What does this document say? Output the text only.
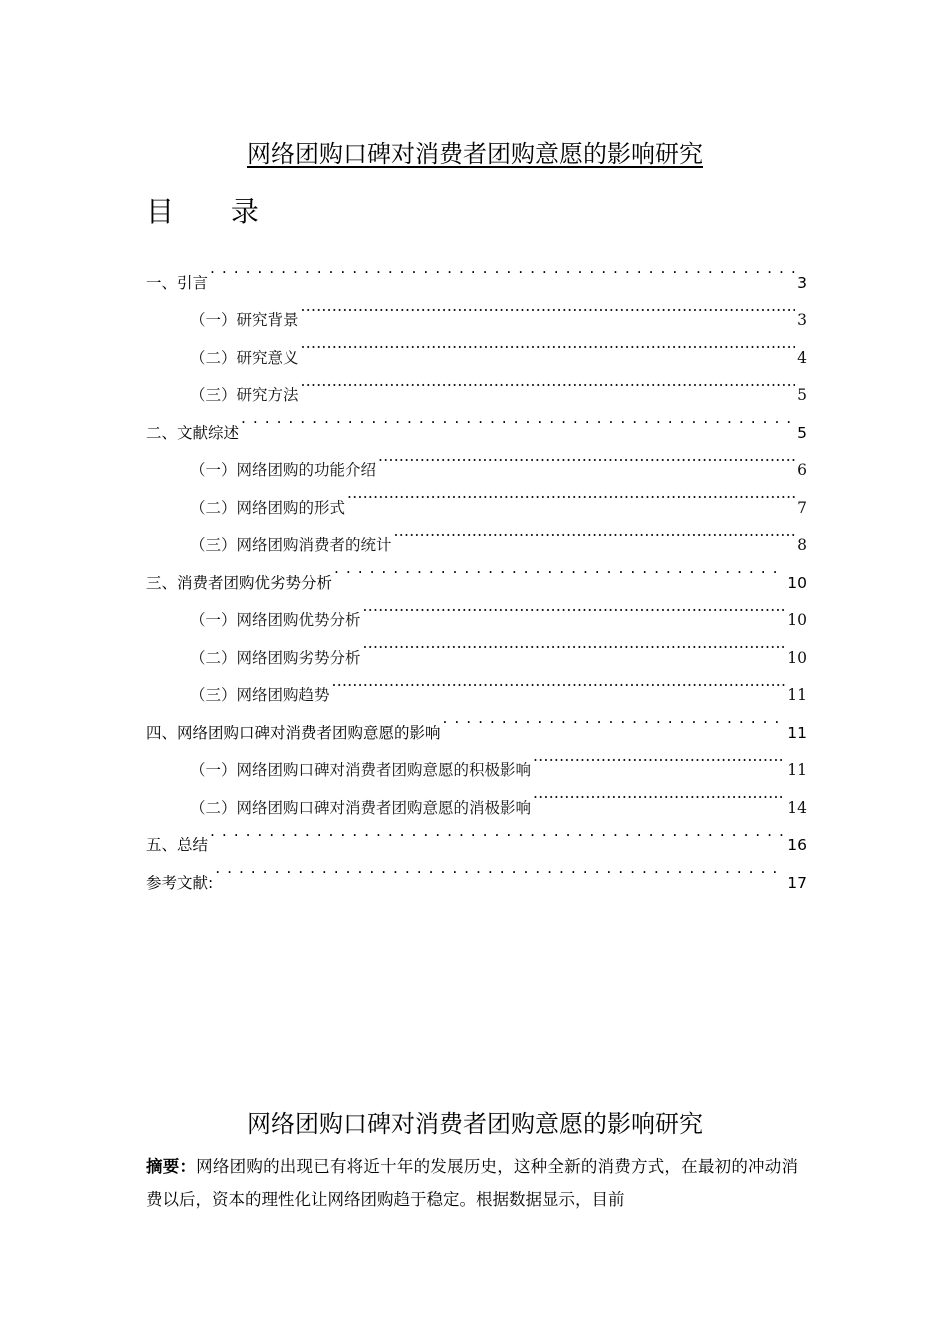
网络团购口碑对消费者团购意愿的影响研究
目 录
一、引言 . . .	3
（一）研究背景 .....	3
（二）研究意义 .....	4
（三）研究方法 .....	5
二、文献综述 . . .	5
（一）网络团购的功能介绍 .....	6
（二）网络团购的形式 .....	7
（三）网络团购消费者的统计 .....	8
三、消费者团购优劣势分析 . . .	10
（一）网络团购优势分析 .....	10
（二）网络团购劣势分析 .....	10
（三）网络团购趋势 .....	11
四、网络团购口碑对消费者团购意愿的影响 . . .	11
（一）网络团购口碑对消费者团购意愿的积极影响 .....	11
（二）网络团购口碑对消费者团购意愿的消极影响 .....	14
五、总结 . . .	16
参考文献: . . .	17
网络团购口碑对消费者团购意愿的影响研究
摘要：网络团购的出现已有将近十年的发展历史，这种全新的消费方式，在最初的冲动消费以后，资本的理性化让网络团购趋于稳定。根据数据显示，目前
